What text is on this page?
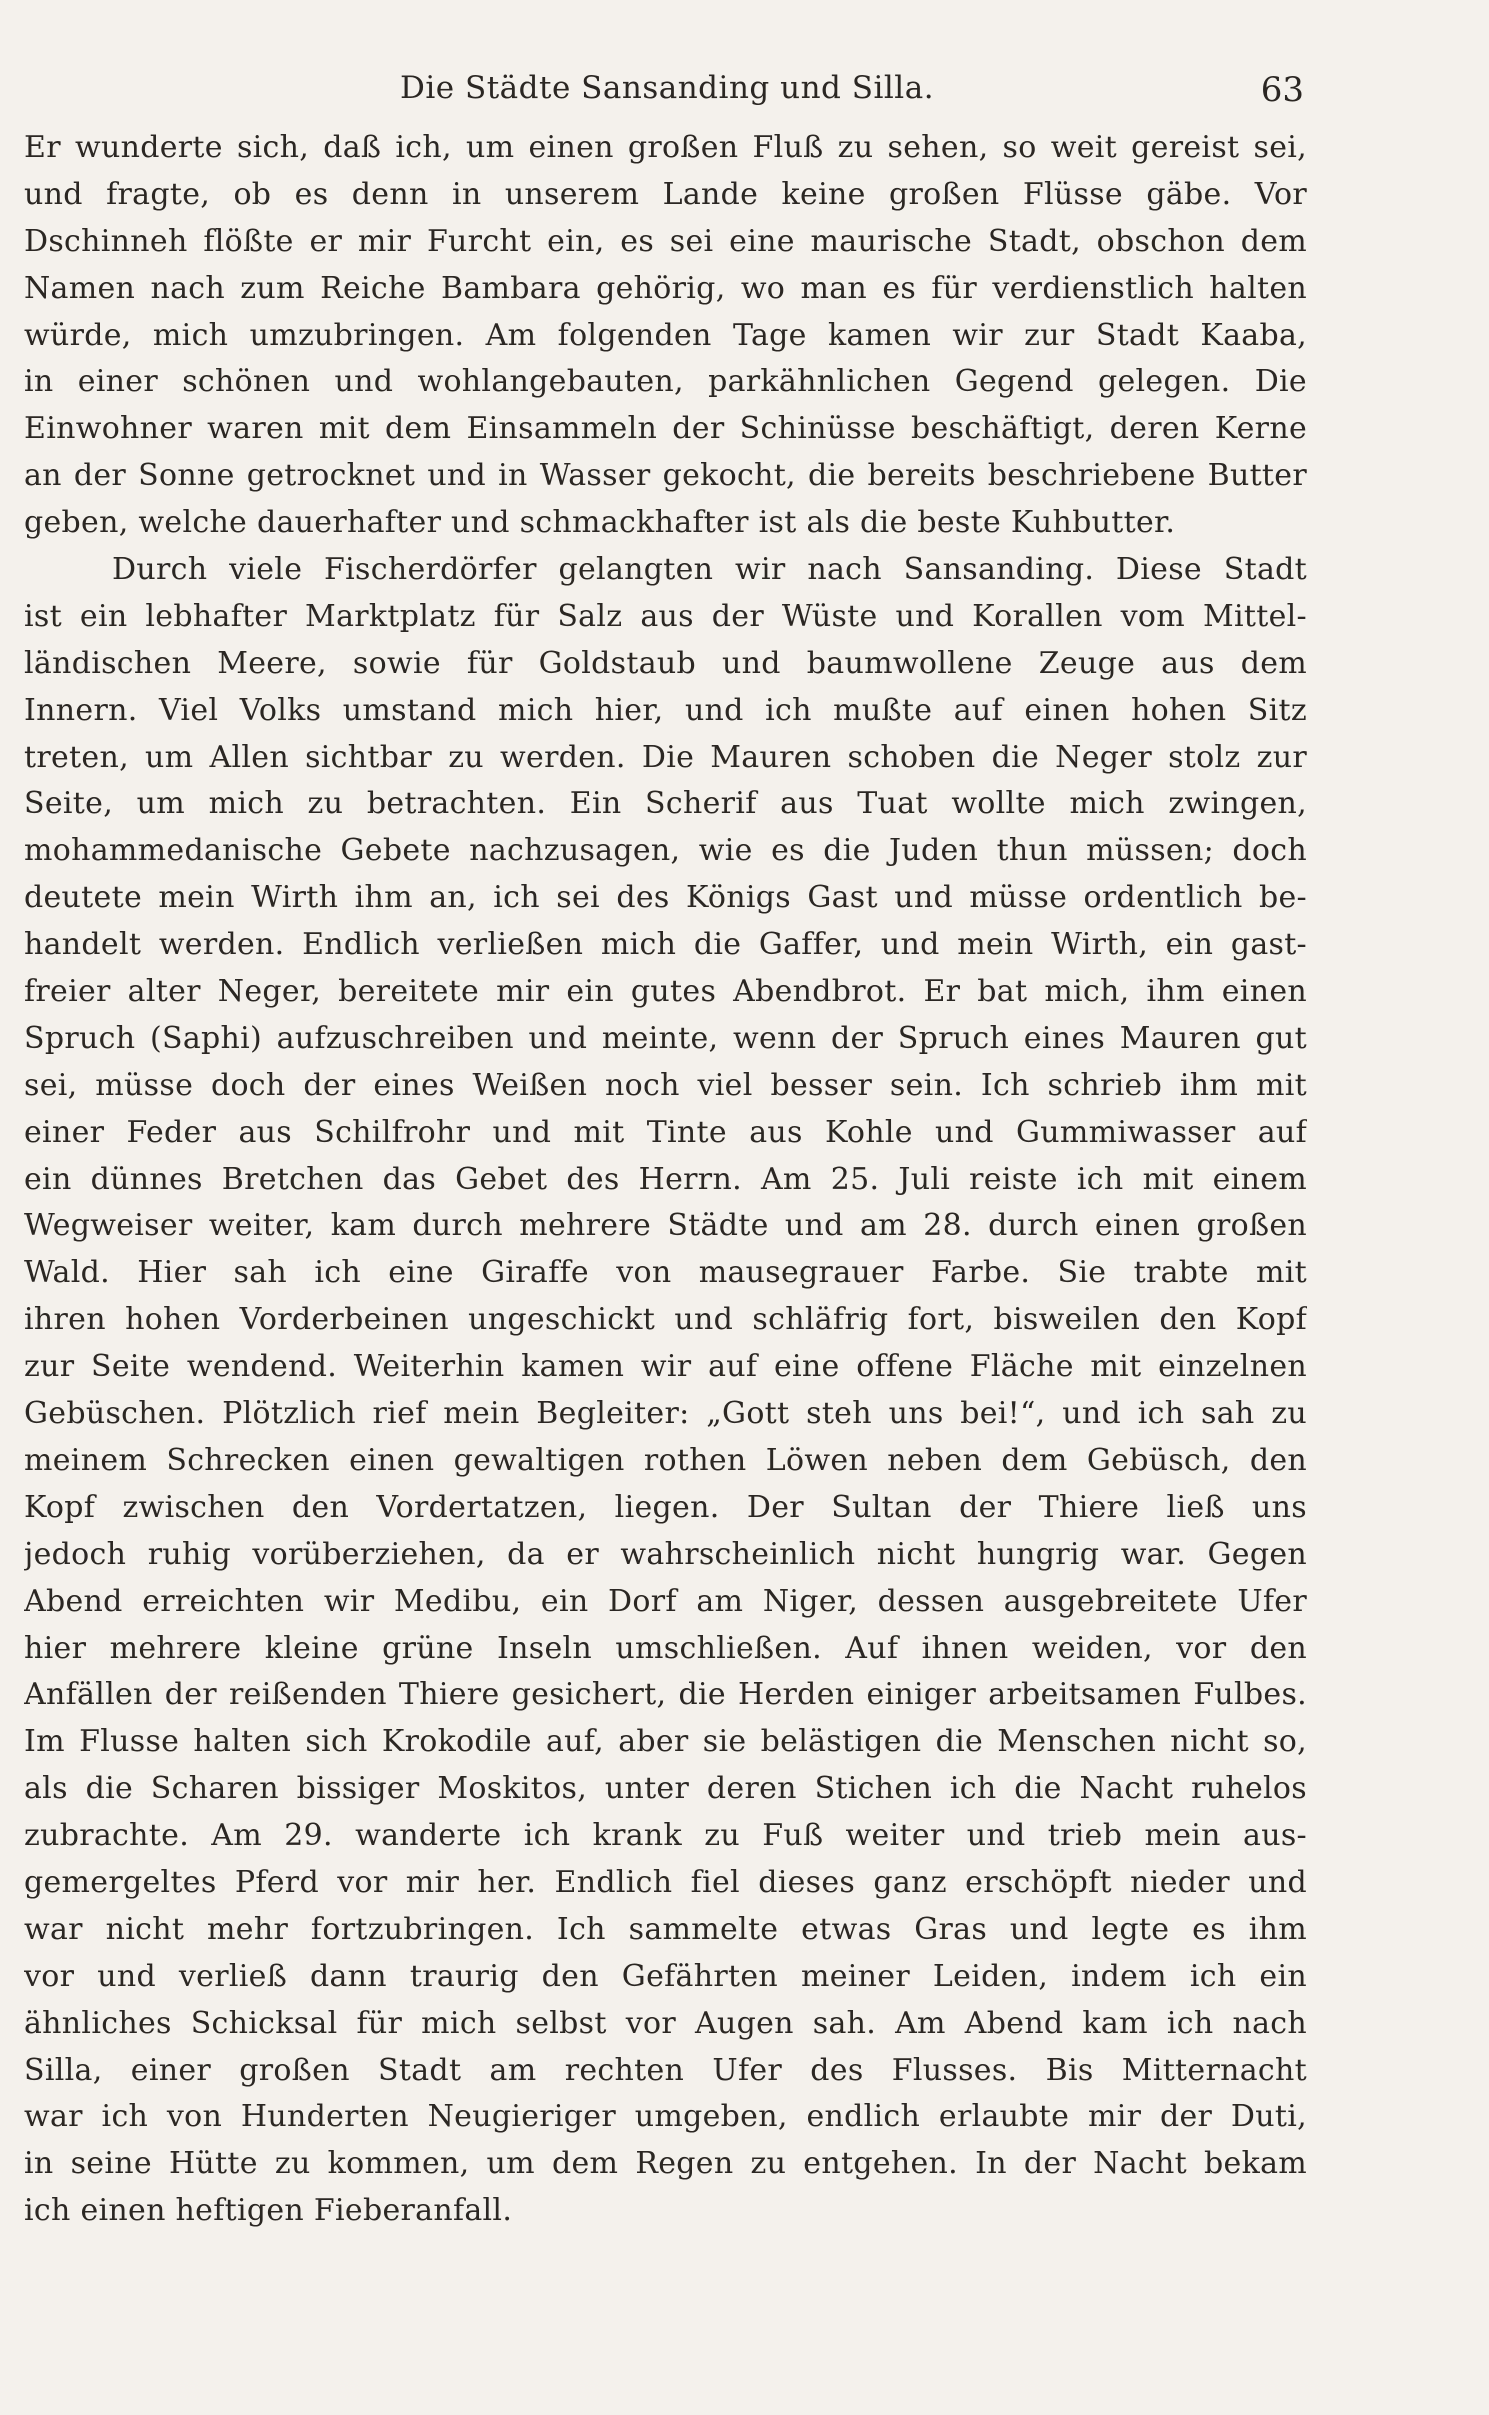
Die Städte Sansanding und Silla.	63
Er wunderte sich, daß ich, um einen großen Fluß zu sehen, so weit gereist sei,
und fragte, ob es denn in unserem Lande keine großen Flüsse gäbe. Vor
Dschinneh flößte er mir Furcht ein, es sei eine maurische Stadt, obschon dem
Namen nach zum Reiche Bambara gehörig, wo man es für verdienstlich halten
würde, mich umzubringen. Am folgenden Tage kamen wir zur Stadt Kaaba,
in einer schönen und wohlangebauten, parkähnlichen Gegend gelegen. Die
Einwohner waren mit dem Einsammeln der Schinüsse beschäftigt, deren Kerne
an der Sonne getrocknet und in Wasser gekocht, die bereits beschriebene Butter
geben, welche dauerhafter und schmackhafter ist als die beste Kuhbutter.
Durch viele Fischerdörfer gelangten wir nach Sansanding. Diese Stadt
ist ein lebhafter Marktplatz für Salz aus der Wüste und Korallen vom Mittel-
ländischen Meere, sowie für Goldstaub und baumwollene Zeuge aus dem
Innern. Viel Volks umstand mich hier, und ich mußte auf einen hohen Sitz
treten, um Allen sichtbar zu werden. Die Mauren schoben die Neger stolz zur
Seite, um mich zu betrachten. Ein Scherif aus Tuat wollte mich zwingen,
mohammedanische Gebete nachzusagen, wie es die Juden thun müssen; doch
deutete mein Wirth ihm an, ich sei des Königs Gast und müsse ordentlich be-
handelt werden. Endlich verließen mich die Gaffer, und mein Wirth, ein gast-
freier alter Neger, bereitete mir ein gutes Abendbrot. Er bat mich, ihm einen
Spruch (Saphi) aufzuschreiben und meinte, wenn der Spruch eines Mauren gut
sei, müsse doch der eines Weißen noch viel besser sein. Ich schrieb ihm mit
einer Feder aus Schilfrohr und mit Tinte aus Kohle und Gummiwasser auf
ein dünnes Bretchen das Gebet des Herrn. Am 25. Juli reiste ich mit einem
Wegweiser weiter, kam durch mehrere Städte und am 28. durch einen großen
Wald. Hier sah ich eine Giraffe von mausegrauer Farbe. Sie trabte mit
ihren hohen Vorderbeinen ungeschickt und schläfrig fort, bisweilen den Kopf
zur Seite wendend. Weiterhin kamen wir auf eine offene Fläche mit einzelnen
Gebüschen. Plötzlich rief mein Begleiter: „Gott steh uns bei!“, und ich sah zu
meinem Schrecken einen gewaltigen rothen Löwen neben dem Gebüsch, den
Kopf zwischen den Vordertatzen, liegen. Der Sultan der Thiere ließ uns
jedoch ruhig vorüberziehen, da er wahrscheinlich nicht hungrig war. Gegen
Abend erreichten wir Medibu, ein Dorf am Niger, dessen ausgebreitete Ufer
hier mehrere kleine grüne Inseln umschließen. Auf ihnen weiden, vor den
Anfällen der reißenden Thiere gesichert, die Herden einiger arbeitsamen Fulbes.
Im Flusse halten sich Krokodile auf, aber sie belästigen die Menschen nicht so,
als die Scharen bissiger Moskitos, unter deren Stichen ich die Nacht ruhelos
zubrachte. Am 29. wanderte ich krank zu Fuß weiter und trieb mein aus-
gemergeltes Pferd vor mir her. Endlich fiel dieses ganz erschöpft nieder und
war nicht mehr fortzubringen. Ich sammelte etwas Gras und legte es ihm
vor und verließ dann traurig den Gefährten meiner Leiden, indem ich ein
ähnliches Schicksal für mich selbst vor Augen sah. Am Abend kam ich nach
Silla, einer großen Stadt am rechten Ufer des Flusses. Bis Mitternacht
war ich von Hunderten Neugieriger umgeben, endlich erlaubte mir der Duti,
in seine Hütte zu kommen, um dem Regen zu entgehen. In der Nacht bekam
ich einen heftigen Fieberanfall.
